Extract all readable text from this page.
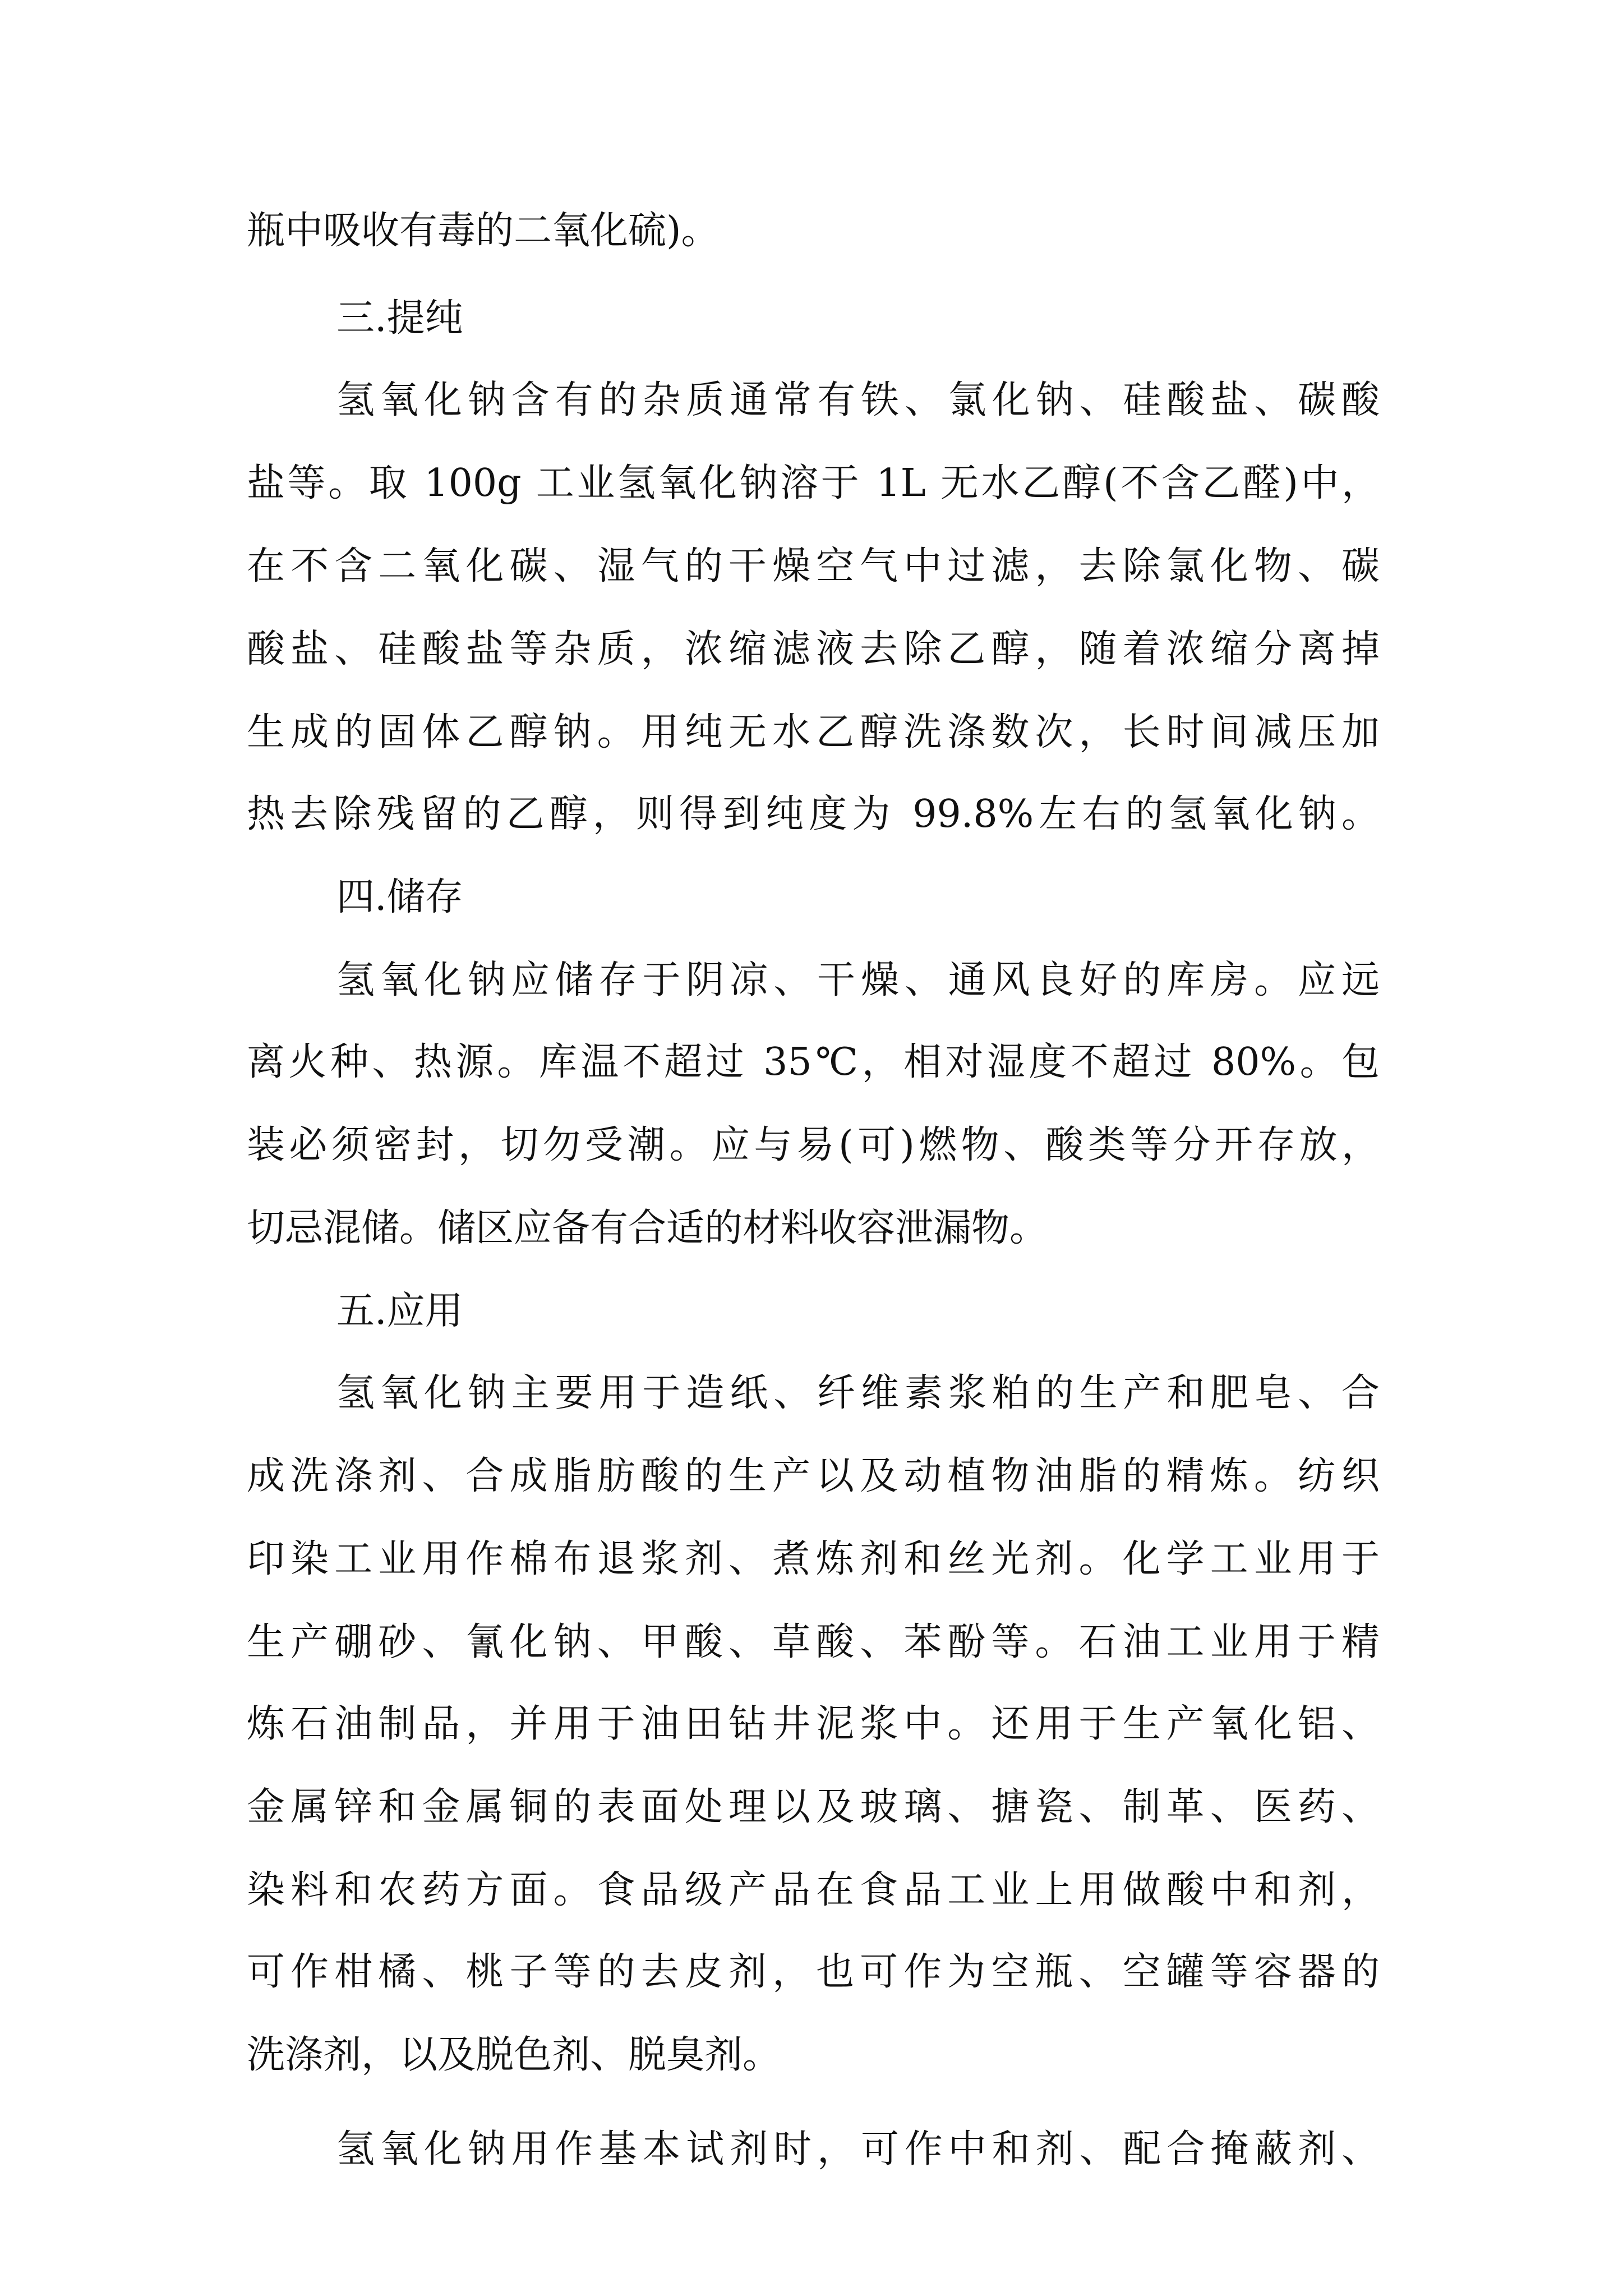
瓶中吸收有毒的二氧化硫)。
三.提纯
氢氧化钠含有的杂质通常有铁、氯化钠、硅酸盐、碳酸
盐等。取 100g 工业氢氧化钠溶于 1L 无水乙醇(不含乙醛)中，
在不含二氧化碳、湿气的干燥空气中过滤，去除氯化物、碳
酸盐、硅酸盐等杂质，浓缩滤液去除乙醇，随着浓缩分离掉
生成的固体乙醇钠。用纯无水乙醇洗涤数次，长时间减压加
热去除残留的乙醇，则得到纯度为 99.8%左右的氢氧化钠。
四.储存
氢氧化钠应储存于阴凉、干燥、通风良好的库房。应远
离火种、热源。库温不超过 35℃，相对湿度不超过 80%。包
装必须密封，切勿受潮。应与易(可)燃物、酸类等分开存放，
切忌混储。储区应备有合适的材料收容泄漏物。
五.应用
氢氧化钠主要用于造纸、纤维素浆粕的生产和肥皂、合
成洗涤剂、合成脂肪酸的生产以及动植物油脂的精炼。纺织
印染工业用作棉布退浆剂、煮炼剂和丝光剂。化学工业用于
生产硼砂、氰化钠、甲酸、草酸、苯酚等。石油工业用于精
炼石油制品，并用于油田钻井泥浆中。还用于生产氧化铝、
金属锌和金属铜的表面处理以及玻璃、搪瓷、制革、医药、
染料和农药方面。食品级产品在食品工业上用做酸中和剂，
可作柑橘、桃子等的去皮剂，也可作为空瓶、空罐等容器的
洗涤剂，以及脱色剂、脱臭剂。
氢氧化钠用作基本试剂时，可作中和剂、配合掩蔽剂、
